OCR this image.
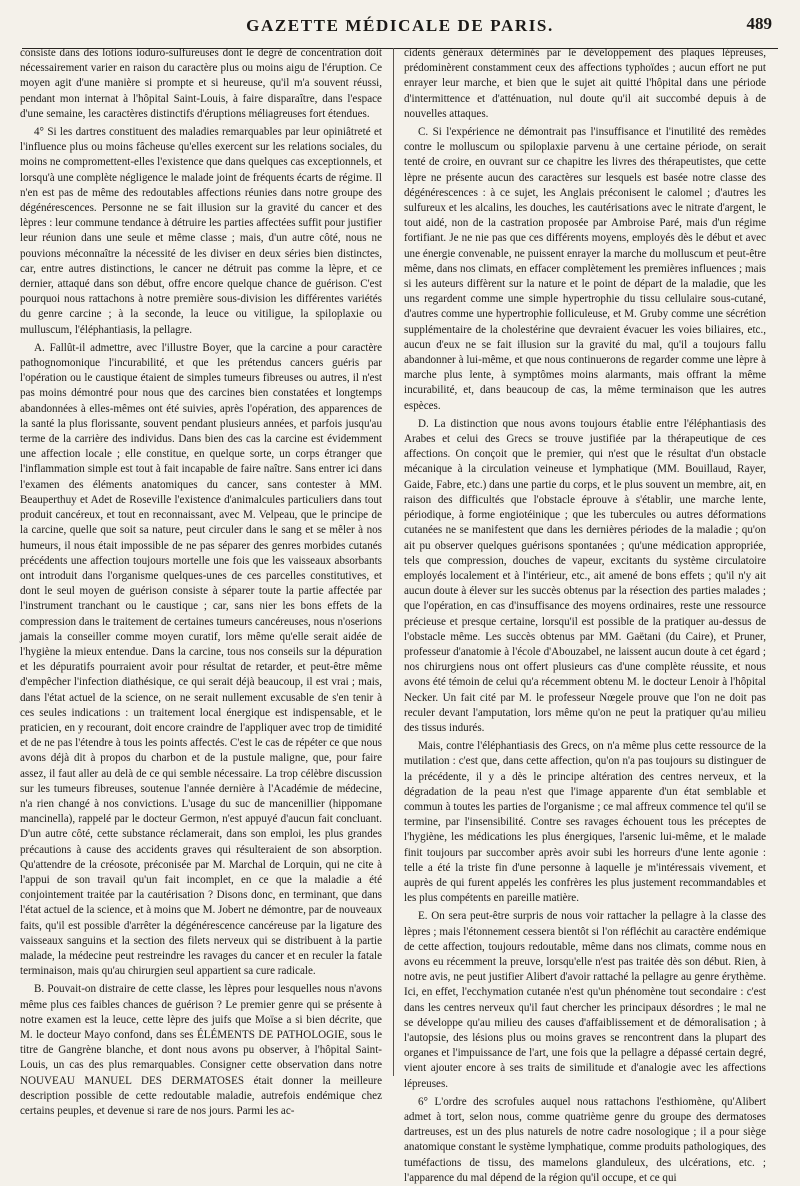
GAZETTE MÉDICALE DE PARIS.	489

consiste dans des lotions ioduro-sulfureuses dont le degré de concentration doit nécessairement varier en raison du caractère plus ou moins aigu de l'éruption. Ce moyen agit d'une manière si prompte et si heureuse, qu'il m'a souvent réussi, pendant mon internat à l'hôpital Saint-Louis, à faire disparaître, dans l'espace d'une semaine, les caractères distinctifs d'éruptions méliagreuses fort étendues.

4° Si les dartres constituent des maladies remarquables par leur opiniâtreté et l'influence plus ou moins fâcheuse qu'elles exercent sur les relations sociales, du moins ne compromettent-elles l'existence que dans quelques cas exceptionnels, et lorsqu'à une complète négligence le malade joint de fréquents écarts de régime. Il n'en est pas de même des redoutables affections réunies dans notre groupe des dégénérescences. Personne ne se fait illusion sur la gravité du cancer et des lèpres : leur commune tendance à détruire les parties affectées suffit pour justifier leur réunion dans une seule et même classe ; mais, d'un autre côté, nous ne pouvions méconnaître la nécessité de les diviser en deux séries bien distinctes, car, entre autres distinctions, le cancer ne détruit pas comme la lèpre, et ce dernier, attaqué dans son début, offre encore quelque chance de guérison. C'est pourquoi nous rattachons à notre première sous-division les différentes variétés du genre carcine ; à la seconde, la leuce ou vitiligue, la spiloplaxie ou mulluscum, l'éléphantiasis, la pellagre.

A. Fallût-il admettre, avec l'illustre Boyer, que la carcine a pour caractère pathognomonique l'incurabilité, et que les prétendus cancers guéris par l'opération ou le caustique étaient de simples tumeurs fibreuses ou autres, il n'est pas moins démontré pour nous que des carcines bien constatées et longtemps abandonnées à elles-mêmes ont été suivies, après l'opération, des apparences de la santé la plus florissante, souvent pendant plusieurs années, et parfois jusqu'au terme de la carrière des individus. Dans bien des cas la carcine est évidemment une affection locale ; elle constitue, en quelque sorte, un corps étranger que l'inflammation simple est tout à fait incapable de faire naître. Sans entrer ici dans l'examen des éléments anatomiques du cancer, sans contester à MM. Beauperthuy et Adet de Roseville l'existence d'animalcules particuliers dans tout produit cancéreux, et tout en reconnaissant, avec M. Velpeau, que le principe de la carcine, quelle que soit sa nature, peut circuler dans le sang et se mêler à nos humeurs, il nous était impossible de ne pas séparer des genres morbides cutanés précédents une affection toujours mortelle une fois que les vaisseaux absorbants ont introduit dans l'organisme quelques-unes de ces parcelles constitutives, et dont le seul moyen de guérison consiste à séparer toute la partie affectée par l'instrument tranchant ou le caustique ; car, sans nier les bons effets de la compression dans le traitement de certaines tumeurs cancéreuses, nous n'oserions jamais la conseiller comme moyen curatif, lors même qu'elle serait aidée de l'hygiène la mieux entendue. Dans la carcine, tous nos conseils sur la dépuration et les dépuratifs pourraient avoir pour résultat de retarder, et peut-être même d'empêcher l'infection diathésique, ce qui serait déjà beaucoup, il est vrai ; mais, dans l'état actuel de la science, on ne serait nullement excusable de s'en tenir à ces seules indications : un traitement local énergique est indispensable, et le praticien, en y recourant, doit encore craindre de l'appliquer avec trop de timidité et de ne pas l'étendre à tous les points affectés. C'est le cas de répéter ce que nous avons déjà dit à propos du charbon et de la pustule maligne, que, pour faire assez, il faut aller au delà de ce qui semble nécessaire. La trop célèbre discussion sur les tumeurs fibreuses, soutenue l'année dernière à l'Académie de médecine, n'a rien changé à nos convictions. L'usage du suc de mancenillier (hippomane mancinella), rappelé par le docteur Germon, n'est appuyé d'aucun fait concluant. D'un autre côté, cette substance réclamerait, dans son emploi, les plus grandes précautions à cause des accidents graves qui résulteraient de son absorption. Qu'attendre de la créosote, préconisée par M. Marchal de Lorquin, qui ne cite à l'appui de son travail qu'un fait incomplet, en ce que la maladie a été conjointement traitée par la cautérisation ? Disons donc, en terminant, que dans l'état actuel de la science, et à moins que M. Jobert ne démontre, par de nouveaux faits, qu'il est possible d'arrêter la dégénérescence cancéreuse par la ligature des vaisseaux sanguins et la section des filets nerveux qui se distribuent à la partie malade, la médecine peut restreindre les ravages du cancer et en reculer la fatale terminaison, mais qu'au chirurgien seul appartient sa cure radicale.

B. Pouvait-on distraire de cette classe, les lèpres pour lesquelles nous n'avons même plus ces faibles chances de guérison ? Le premier genre qui se présente à notre examen est la leuce, cette lèpre des juifs que Moïse a si bien décrite, que M. le docteur Mayo confond, dans ses ÉLÉMENTS DE PATHOLOGIE, sous le titre de Gangrène blanche, et dont nous avons pu observer, à l'hôpital Saint-Louis, un cas des plus remarquables. Consigner cette observation dans notre NOUVEAU MANUEL DES DERMATOSES était donner la meilleure description possible de cette redoutable maladie, autrefois endémique chez certains peuples, et devenue si rare de nos jours. Parmi les ac-

cidents généraux déterminés par le développement des plaques lépreuses, prédominèrent constamment ceux des affections typhoïdes ; aucun effort ne put enrayer leur marche, et bien que le sujet ait quitté l'hôpital dans une période d'intermittence et d'atténuation, nul doute qu'il ait succombé depuis à de nouvelles attaques.

C. Si l'expérience ne démontrait pas l'insuffisance et l'inutilité des remèdes contre le molluscum ou spiloplaxie parvenu à une certaine période, on serait tenté de croire, en ouvrant sur ce chapitre les livres des thérapeutistes, que cette lèpre ne présente aucun des caractères sur lesquels est basée notre classe des dégénérescences : à ce sujet, les Anglais préconisent le calomel ; d'autres les sulfureux et les alcalins, les douches, les cautérisations avec le nitrate d'argent, le tout aidé, non de la castration proposée par Ambroise Paré, mais d'un régime fortifiant. Je ne nie pas que ces différents moyens, employés dès le début et avec une énergie convenable, ne puissent enrayer la marche du molluscum et peut-être même, dans nos climats, en effacer complètement les premières influences ; mais si les auteurs diffèrent sur la nature et le point de départ de la maladie, que les uns regardent comme une simple hypertrophie du tissu cellulaire sous-cutané, d'autres comme une hypertrophie folliculeuse, et M. Gruby comme une sécrétion supplémentaire de la cholestérine que devraient évacuer les voies biliaires, etc., aucun d'eux ne se fait illusion sur la gravité du mal, qu'il a toujours fallu abandonner à lui-même, et que nous continuerons de regarder comme une lèpre à marche plus lente, à symptômes moins alarmants, mais offrant la même incurabilité, et, dans beaucoup de cas, la même terminaison que les autres espèces.

D. La distinction que nous avons toujours établie entre l'éléphantiasis des Arabes et celui des Grecs se trouve justifiée par la thérapeutique de ces affections. On conçoit que le premier, qui n'est que le résultat d'un obstacle mécanique à la circulation veineuse et lymphatique (MM. Bouillaud, Rayer, Gaide, Fabre, etc.) dans une partie du corps, et le plus souvent un membre, ait, en raison des difficultés que l'obstacle éprouve à s'établir, une marche lente, périodique, à forme engiotéinique ; que les tubercules ou autres déformations cutanées ne se manifestent que dans les dernières périodes de la maladie ; qu'on ait pu observer quelques guérisons spontanées ; qu'une médication appropriée, tels que compression, douches de vapeur, excitants du système circulatoire employés localement et à l'intérieur, etc., ait amené de bons effets ; qu'il n'y ait aucun doute à élever sur les succès obtenus par la résection des parties malades ; que l'opération, en cas d'insuffisance des moyens ordinaires, reste une ressource précieuse et presque certaine, lorsqu'il est possible de la pratiquer au-dessus de l'obstacle même. Les succès obtenus par MM. Gaëtani (du Caire), et Pruner, professeur d'anatomie à l'école d'Abouzabel, ne laissent aucun doute à cet égard ; nos chirurgiens nous ont offert plusieurs cas d'une complète réussite, et nous avons été témoin de celui qu'a récemment obtenu M. le docteur Lenoir à l'hôpital Necker. Un fait cité par M. le professeur Nœgele prouve que l'on ne doit pas reculer devant l'amputation, lors même qu'on ne peut la pratiquer qu'au milieu des tissus indurés.

Mais, contre l'éléphantiasis des Grecs, on n'a même plus cette ressource de la mutilation : c'est que, dans cette affection, qu'on n'a pas toujours su distinguer de la précédente, il y a dès le principe altération des centres nerveux, et la dégradation de la peau n'est que l'image apparente d'un état semblable et commun à toutes les parties de l'organisme ; ce mal affreux commence tel qu'il se termine, par l'insensibilité. Contre ses ravages échouent tous les préceptes de l'hygiène, les médications les plus énergiques, l'arsenic lui-même, et le malade finit toujours par succomber après avoir subi les horreurs d'une lente agonie : telle a été la triste fin d'une personne à laquelle je m'intéressais vivement, et auprès de qui furent appelés les confrères les plus justement recommandables et les plus compétents en pareille matière.

E. On sera peut-être surpris de nous voir rattacher la pellagre à la classe des lèpres ; mais l'étonnement cessera bientôt si l'on réfléchit au caractère endémique de cette affection, toujours redoutable, même dans nos climats, comme nous en avons eu récemment la preuve, lorsqu'elle n'est pas traitée dès son début. Rien, à notre avis, ne peut justifier Alibert d'avoir rattaché la pellagre au genre érythème. Ici, en effet, l'ecchymation cutanée n'est qu'un phénomène tout secondaire : c'est dans les centres nerveux qu'il faut chercher les principaux désordres ; le mal ne se développe qu'au milieu des causes d'affaiblissement et de démoralisation ; à l'autopsie, des lésions plus ou moins graves se rencontrent dans la plupart des organes et l'impuissance de l'art, une fois que la pellagre a dépassé certain degré, vient ajouter encore à ses traits de similitude et d'analogie avec les affections lépreuses.

6° L'ordre des scrofules auquel nous rattachons l'esthiomène, qu'Alibert admet à tort, selon nous, comme quatrième genre du groupe des dermatoses dartreuses, est un des plus naturels de notre cadre nosologique ; il a pour siège anatomique constant le système lymphatique, comme produits pathologiques, des tuméfactions de tissu, des mamelons glanduleux, des ulcérations, etc. ; l'apparence du mal dépend de la région qu'il occupe, et ce qui
